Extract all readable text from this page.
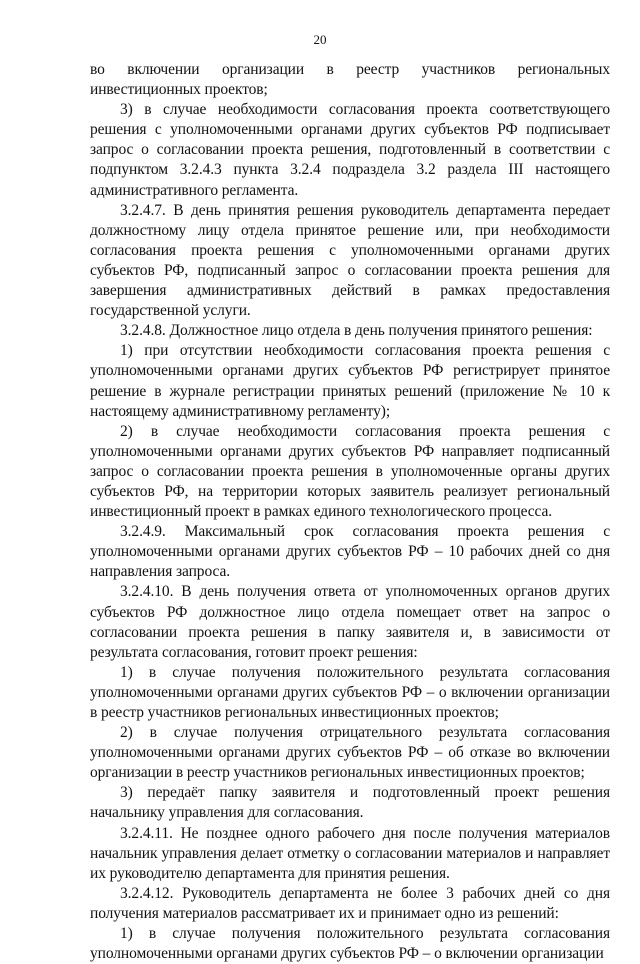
20

во включении организации в реестр участников региональных инвестиционных проектов;

3) в случае необходимости согласования проекта соответствующего решения с уполномоченными органами других субъектов РФ подписывает запрос о согласовании проекта решения, подготовленный в соответствии с подпунктом 3.2.4.3 пункта 3.2.4 подраздела 3.2 раздела III настоящего административного регламента.

3.2.4.7. В день принятия решения руководитель департамента передает должностному лицу отдела принятое решение или, при необходимости согласования проекта решения с уполномоченными органами других субъектов РФ, подписанный запрос о согласовании проекта решения для завершения административных действий в рамках предоставления государственной услуги.

3.2.4.8. Должностное лицо отдела в день получения принятого решения:

1) при отсутствии необходимости согласования проекта решения с уполномоченными органами других субъектов РФ регистрирует принятое решение в журнале регистрации принятых решений (приложение № 10 к настоящему административному регламенту);

2) в случае необходимости согласования проекта решения с уполномоченными органами других субъектов РФ направляет подписанный запрос о согласовании проекта решения в уполномоченные органы других субъектов РФ, на территории которых заявитель реализует региональный инвестиционный проект в рамках единого технологического процесса.

3.2.4.9. Максимальный срок согласования проекта решения с уполномоченными органами других субъектов РФ – 10 рабочих дней со дня направления запроса.

3.2.4.10. В день получения ответа от уполномоченных органов других субъектов РФ должностное лицо отдела помещает ответ на запрос о согласовании проекта решения в папку заявителя и, в зависимости от результата согласования, готовит проект решения:

1) в случае получения положительного результата согласования уполномоченными органами других субъектов РФ – о включении организации в реестр участников региональных инвестиционных проектов;

2) в случае получения отрицательного результата согласования уполномоченными органами других субъектов РФ – об отказе во включении организации в реестр участников региональных инвестиционных проектов;

3) передаёт папку заявителя и подготовленный проект решения начальнику управления для согласования.

3.2.4.11. Не позднее одного рабочего дня после получения материалов начальник управления делает отметку о согласовании материалов и направляет их руководителю департамента для принятия решения.

3.2.4.12. Руководитель департамента не более 3 рабочих дней со дня получения материалов рассматривает их и принимает одно из решений:

1) в случае получения положительного результата согласования уполномоченными органами других субъектов РФ – о включении организации
